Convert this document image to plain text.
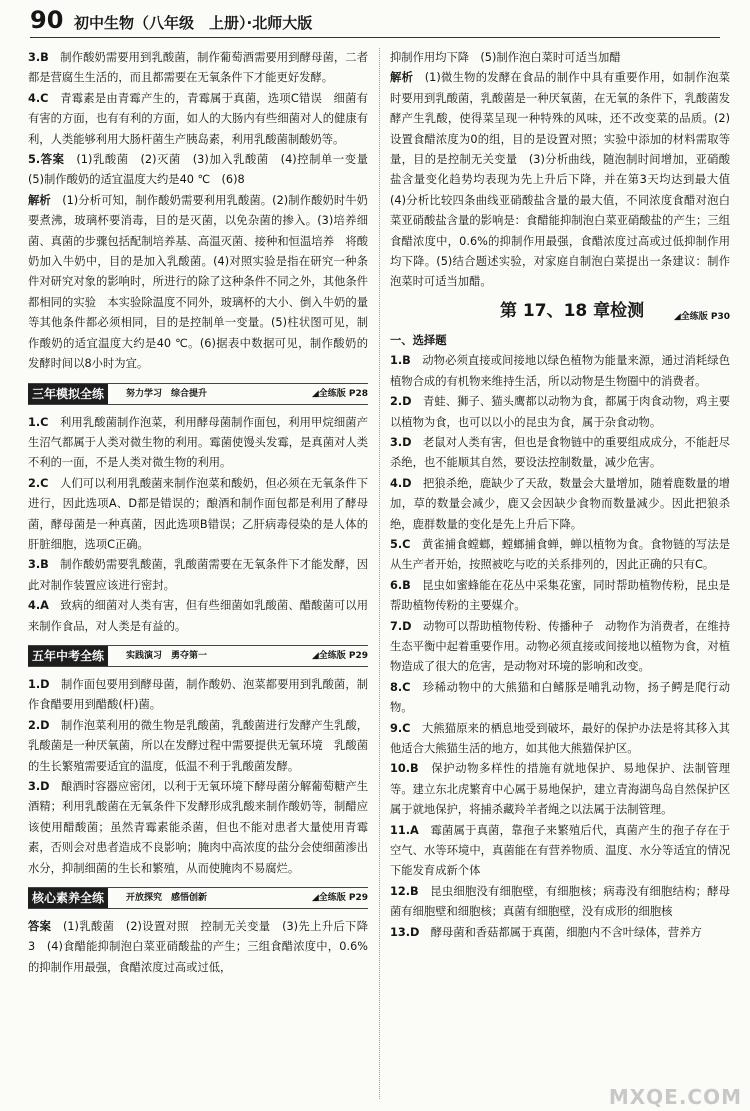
90 初中生物（八年级　上册）·北师大版

3.B　制作酸奶需要用到乳酸菌，制作葡萄酒需要用到酵母菌，二者都是营腐生生活的，而且都需要在无氧条件下才能更好发酵。

4.C　青霉素是由青霉产生的，青霉属于真菌，选项C错误　细菌有有害的方面，也有有利的方面，如人的大肠内有些细菌对人的健康有利，人类能够利用大肠杆菌生产胰岛素，利用乳酸菌制酸奶等。

5.答案　(1)乳酸菌　(2)灭菌　(3)加入乳酸菌　(4)控制单一变量　(5)制作酸奶的适宜温度大约是40 ℃　(6)8

解析　(1)分析可知，制作酸奶需要利用乳酸菌。(2)制作酸奶时牛奶要煮沸，玻璃杯要消毒，目的是灭菌，以免杂菌的掺入。(3)培养细菌、真菌的步骤包括配制培养基、高温灭菌、接种和恒温培养　将酸奶加入牛奶中，目的是加入乳酸菌。(4)对照实验是指在研究一种条件对研究对象的影响时，所进行的除了这种条件不同之外，其他条件都相同的实验　本实验除温度不同外，玻璃杯的大小、倒入牛奶的量等其他条件都必须相同，目的是控制单一变量。(5)柱状图可见，制作酸奶的适宜温度大约是40 ℃。(6)据表中数据可见，制作酸奶的发酵时间以8小时为宜。

三年模拟全练	努力学习　综合提升	◢全练版 P28

1.C　利用乳酸菌制作泡菜，利用酵母菌制作面包，利用甲烷细菌产生沼气都属于人类对微生物的利用。霉菌使馒头发霉，是真菌对人类不利的一面，不是人类对微生物的利用。

2.C　人们可以利用乳酸菌来制作泡菜和酸奶，但必须在无氧条件下进行，因此选项A、D都是错误的；酿酒和制作面包都是利用了酵母菌，酵母菌是一种真菌，因此选项B错误；乙肝病毒侵染的是人体的肝脏细胞，选项C正确。

3.B　制作酸奶需要乳酸菌，乳酸菌需要在无氧条件下才能发酵，因此对制作装置应该进行密封。

4.A　致病的细菌对人类有害，但有些细菌如乳酸菌、醋酸菌可以用来制作食品，对人类是有益的。

五年中考全练	实践演习　勇夺第一	◢全练版 P29

1.D　制作面包要用到酵母菌，制作酸奶、泡菜都要用到乳酸菌，制作食醋要用到醋酸(杆)菌。

2.D　制作泡菜利用的微生物是乳酸菌，乳酸菌进行发酵产生乳酸，乳酸菌是一种厌氧菌，所以在发酵过程中需要提供无氧环境　乳酸菌的生长繁殖需要适宜的温度，低温不利于乳酸菌发酵。

3.D　酿酒时容器应密闭，以利于无氧环境下酵母菌分解葡萄糖产生酒精；利用乳酸菌在无氧条件下发酵形成乳酸来制作酸奶等，制醋应该使用醋酸菌；虽然青霉素能杀菌，但也不能对患者大量使用青霉素，否则会对患者造成不良影响；腌肉中高浓度的盐分会使细菌渗出水分，抑制细菌的生长和繁殖，从而使腌肉不易腐烂。

核心素养全练	开放探究　感悟创新	◢全练版 P29

答案　(1)乳酸菌　(2)设置对照　控制无关变量　(3)先上升后下降　3　(4)食醋能抑制泡白菜亚硝酸盐的产生；三组食醋浓度中，0.6%的抑制作用最强，食醋浓度过高或过低，

抑制作用均下降　(5)制作泡白菜时可适当加醋

解析　(1)微生物的发酵在食品的制作中具有重要作用，如制作泡菜时要用到乳酸菌，乳酸菌是一种厌氧菌，在无氧的条件下，乳酸菌发酵产生乳酸，使得菜呈现一种特殊的风味，还不改变菜的品质。(2)设置食醋浓度为0的组，目的是设置对照；实验中添加的材料需取等量，目的是控制无关变量　(3)分析曲线，随泡制时间增加，亚硝酸盐含量变化趋势均表现为先上升后下降，并在第3天均达到最大值　(4)分析比较四条曲线亚硝酸盐含量的最大值，不同浓度食醋对泡白菜亚硝酸盐含量的影响是：食醋能抑制泡白菜亚硝酸盐的产生；三组食醋浓度中，0.6%的抑制作用最强，食醋浓度过高或过低抑制作用均下降。(5)结合题述实验，对家庭自制泡白菜提出一条建议：制作泡菜时可适当加醋。

第 17、18 章检测	◢全练版 P30

一、选择题

1.B　动物必须直接或间接地以绿色植物为能量来源，通过消耗绿色植物合成的有机物来维持生活，所以动物是生物圈中的消费者。

2.D　青蛙、狮子、猫头鹰都以动物为食，都属于肉食动物，鸡主要以植物为食，也可以以小的昆虫为食，属于杂食动物。

3.D　老鼠对人类有害，但也是食物链中的重要组成成分，不能赶尽杀绝，也不能顺其自然，要设法控制数量，减少危害。

4.D　把狼杀绝，鹿缺少了天敌，数量会大量增加，随着鹿数量的增加，草的数量会减少，鹿又会因缺少食物而数量减少。因此把狼杀绝，鹿群数量的变化是先上升后下降。

5.C　黄雀捕食螳螂，螳螂捕食蝉，蝉以植物为食。食物链的写法是从生产者开始，按照被吃与吃的关系排列的，因此正确的只有C。

6.B　昆虫如蜜蜂能在花丛中采集花蜜，同时帮助植物传粉，昆虫是帮助植物传粉的主要媒介。

7.D　动物可以帮助植物传粉、传播种子　动物作为消费者，在维持生态平衡中起着重要作用。动物必须直接或间接地以植物为食，对植物造成了很大的危害，是动物对环境的影响和改变。

8.C　珍稀动物中的大熊猫和白鳍豚是哺乳动物，扬子鳄是爬行动物。

9.C　大熊猫原来的栖息地受到破坏，最好的保护办法是将其移入其他适合大熊猫生活的地方，如其他大熊猫保护区。

10.B　保护动物多样性的措施有就地保护、易地保护、法制管理等。建立东北虎繁育中心属于易地保护，建立青海湖鸟岛自然保护区属于就地保护，将捕杀藏羚羊者绳之以法属于法制管理。

11.A　霉菌属于真菌，靠孢子来繁殖后代，真菌产生的孢子存在于空气、水等环境中，真菌能在有营养物质、温度、水分等适宜的情况下能发育成新个体

12.B　昆虫细胞没有细胞壁，有细胞核；病毒没有细胞结构；酵母菌有细胞壁和细胞核；真菌有细胞壁，没有成形的细胞核

13.D　酵母菌和香菇都属于真菌，细胞内不含叶绿体，营养方

MXQE.COM
